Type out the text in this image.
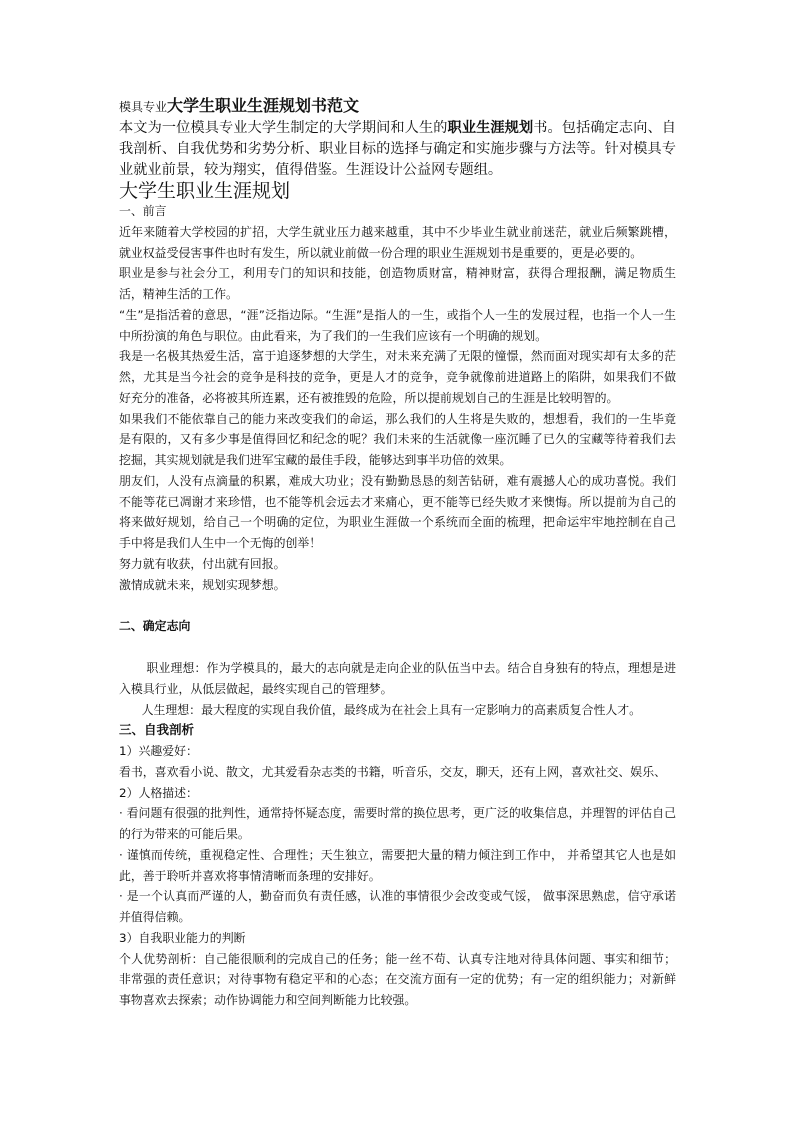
模具专业大学生职业生涯规划书范文
本文为一位模具专业大学生制定的大学期间和人生的职业生涯规划书。包括确定志向、自我剖析、自我优势和劣势分析、职业目标的选择与确定和实施步骤与方法等。针对模具专业就业前景，较为翔实，值得借鉴。生涯设计公益网专题组。
大学生职业生涯规划

一、前言

近年来随着大学校园的扩招，大学生就业压力越来越重，其中不少毕业生就业前迷茫，就业后频繁跳槽，就业权益受侵害事件也时有发生，所以就业前做一份合理的职业生涯规划书是重要的，更是必要的。

职业是参与社会分工，利用专门的知识和技能，创造物质财富，精神财富，获得合理报酬，满足物质生活，精神生活的工作。

“生”是指活着的意思，“涯”泛指边际。“生涯”是指人的一生，或指个人一生的发展过程，也指一个人一生中所扮演的角色与职位。由此看来，为了我们的一生我们应该有一个明确的规划。

我是一名极其热爱生活，富于追逐梦想的大学生，对未来充满了无限的憧憬，然而面对现实却有太多的茫然，尤其是当今社会的竞争是科技的竞争，更是人才的竞争，竞争就像前进道路上的陷阱，如果我们不做好充分的准备，必将被其所连累，还有被推毁的危险，所以提前规划自己的生涯是比较明智的。

如果我们不能依靠自己的能力来改变我们的命运，那么我们的人生将是失败的，想想看，我们的一生毕竟是有限的，又有多少事是值得回忆和纪念的呢？我们未来的生活就像一座沉睡了已久的宝藏等待着我们去挖掘，其实规划就是我们进军宝藏的最佳手段，能够达到事半功倍的效果。

朋友们，人没有点滴量的积累，难成大功业；没有勤勤恳恳的刻苦钻研，难有震撼人心的成功喜悦。我们不能等花已凋谢才来珍惜，也不能等机会远去才来痛心，更不能等已经失败才来懊悔。所以提前为自己的将来做好规划，给自己一个明确的定位，为职业生涯做一个系统而全面的梳理，把命运牢牢地控制在自己手中将是我们人生中一个无悔的创举！

努力就有收获，付出就有回报。

激情成就未来，规划实现梦想。

二、确定志向

职业理想：作为学模具的，最大的志向就是走向企业的队伍当中去。结合自身独有的特点，理想是进入模具行业，从低层做起，最终实现自己的管理梦。

人生理想：最大程度的实现自我价值，最终成为在社会上具有一定影响力的高素质复合性人才。

三、自我剖析

1）兴趣爱好：

看书，喜欢看小说、散文，尤其爱看杂志类的书籍，听音乐，交友，聊天，还有上网，喜欢社交、娱乐、

2）人格描述：

· 看问题有很强的批判性，通常持怀疑态度，需要时常的换位思考，更广泛的收集信息，并理智的评估自己的行为带来的可能后果。

· 谨慎而传统，重视稳定性、合理性；天生独立，需要把大量的精力倾注到工作中， 并希望其它人也是如此，善于聆听并喜欢将事情清晰而条理的安排好。

· 是一个认真而严谨的人，勤奋而负有责任感，认准的事情很少会改变或气馁， 做事深思熟虑，信守承诺并值得信赖。

3）自我职业能力的判断

个人优势剖析：自己能很顺利的完成自己的任务；能一丝不苟、认真专注地对待具体问题、事实和细节；非常强的责任意识；对待事物有稳定平和的心态；在交流方面有一定的优势；有一定的组织能力；对新鲜事物喜欢去探索；动作协调能力和空间判断能力比较强。
